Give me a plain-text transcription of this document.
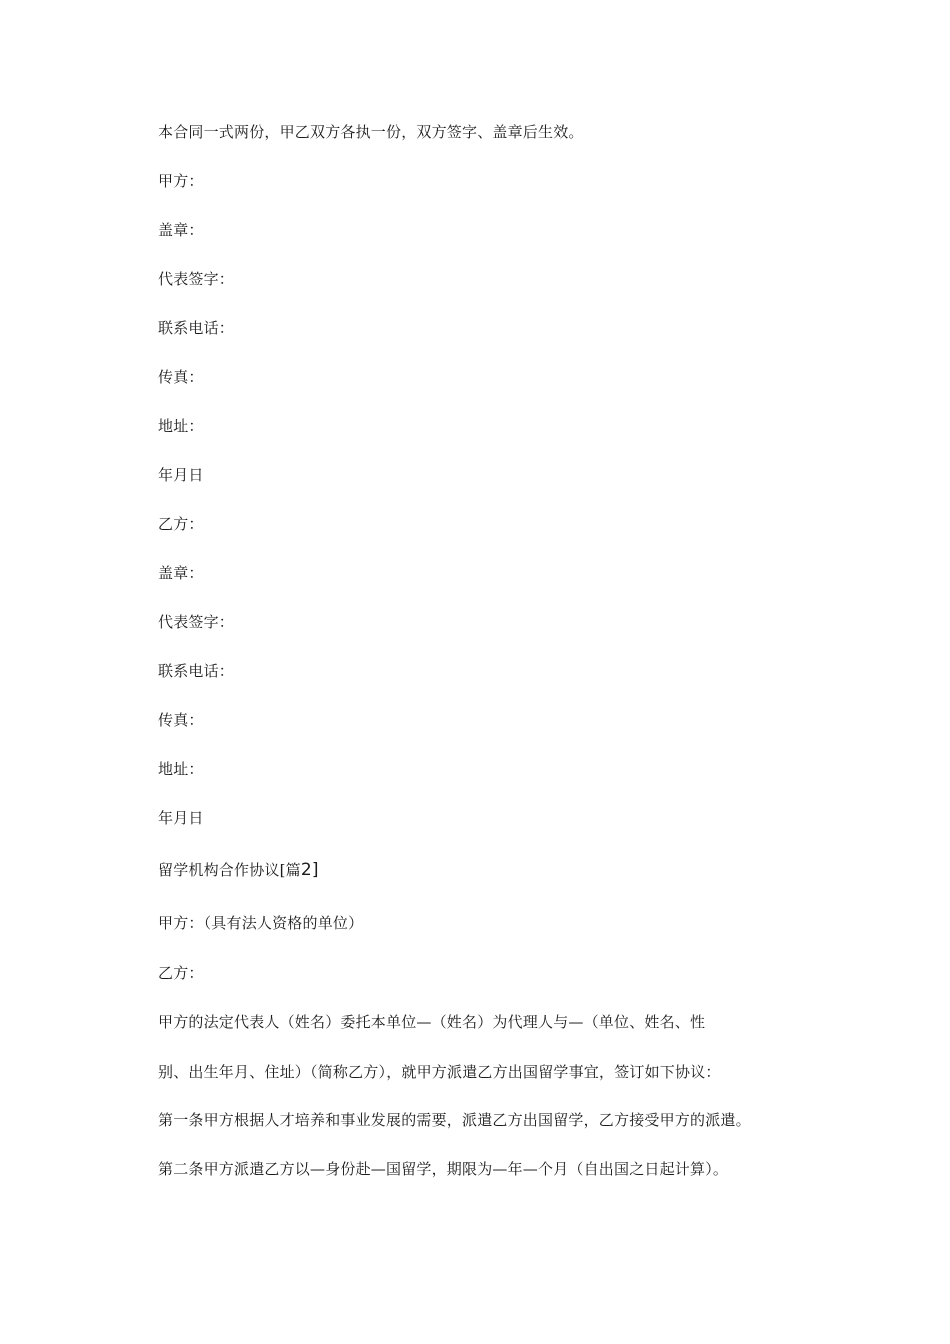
本合同一式两份，甲乙双方各执一份，双方签字、盖章后生效。
甲方：
盖章：
代表签字：
联系电话：
传真：
地址：
年月日
乙方：
盖章：
代表签字：
联系电话：
传真：
地址：
年月日
留学机构合作协议[篇2]
甲方：（具有法人资格的单位）
乙方：
甲方的法定代表人（姓名）委托本单位—（姓名）为代理人与—（单位、姓名、性
别、出生年月、住址）（简称乙方），就甲方派遣乙方出国留学事宜，签订如下协议：
第一条甲方根据人才培养和事业发展的需要，派遣乙方出国留学，乙方接受甲方的派遣。
第二条甲方派遣乙方以—身份赴—国留学，期限为—年—个月（自出国之日起计算）。
